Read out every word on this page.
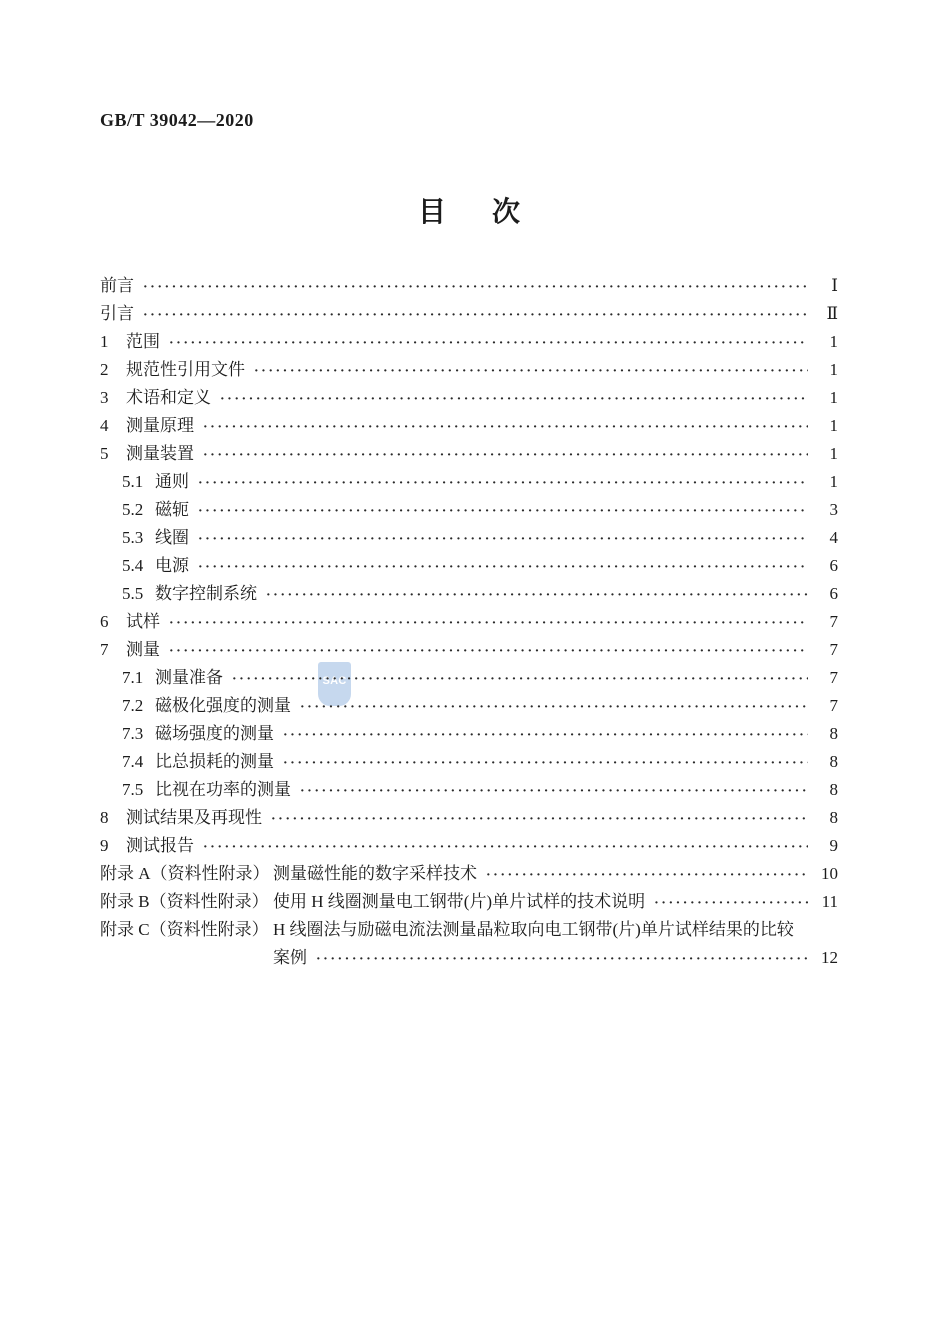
GB/T 39042—2020
目 次
SAC
前言 ·····	Ⅰ
引言 ·····	Ⅱ
1	范围 ·····	1
2	规范性引用文件 ·····	1
3	术语和定义 ·····	1
4	测量原理 ·····	1
5	测量装置 ·····	1
5.1 通则 ·····	1
5.2 磁轭 ·····	3
5.3 线圈 ·····	4
5.4 电源 ·····	6
5.5 数字控制系统 ·····	6
6	试样 ·····	7
7	测量 ·····	7
7.1 测量准备 ·····	7
7.2 磁极化强度的测量 ·····	7
7.3 磁场强度的测量 ·····	8
7.4 比总损耗的测量 ·····	8
7.5 比视在功率的测量 ·····	8
8	测试结果及再现性 ·····	8
9	测试报告 ·····	9
附录 A（资料性附录） 测量磁性能的数字采样技术 ·····	10
附录 B（资料性附录） 使用 H 线圈测量电工钢带(片)单片试样的技术说明 ·····	11
附录 C（资料性附录） H 线圈法与励磁电流法测量晶粒取向电工钢带(片)单片试样结果的比较
案例 ·····	12
